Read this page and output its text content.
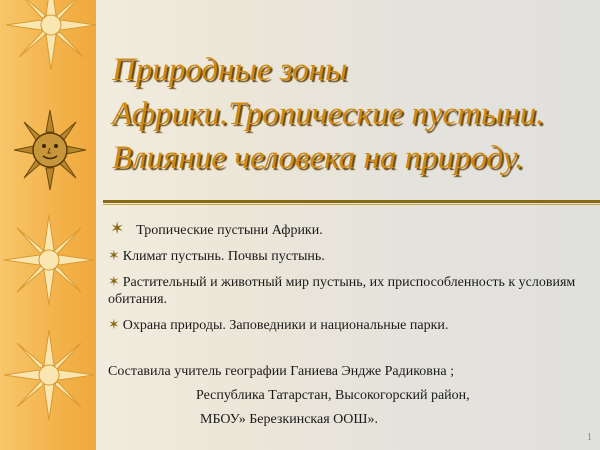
Природные зоны
Африки.Тропические пустыни.
Влияние человека на природу.
✶ Тропические пустыни Африки.
✶ Климат пустынь. Почвы пустынь.
✶ Растительный и животный мир пустынь, их приспособленность к условиям обитания.
✶ Охрана природы. Заповедники и национальные парки.
Составила учитель географии Ганиева Эндже Радиковна ;
Республика Татарстан, Высокогорский район,
МБОУ» Березкинская ООШ».
1
